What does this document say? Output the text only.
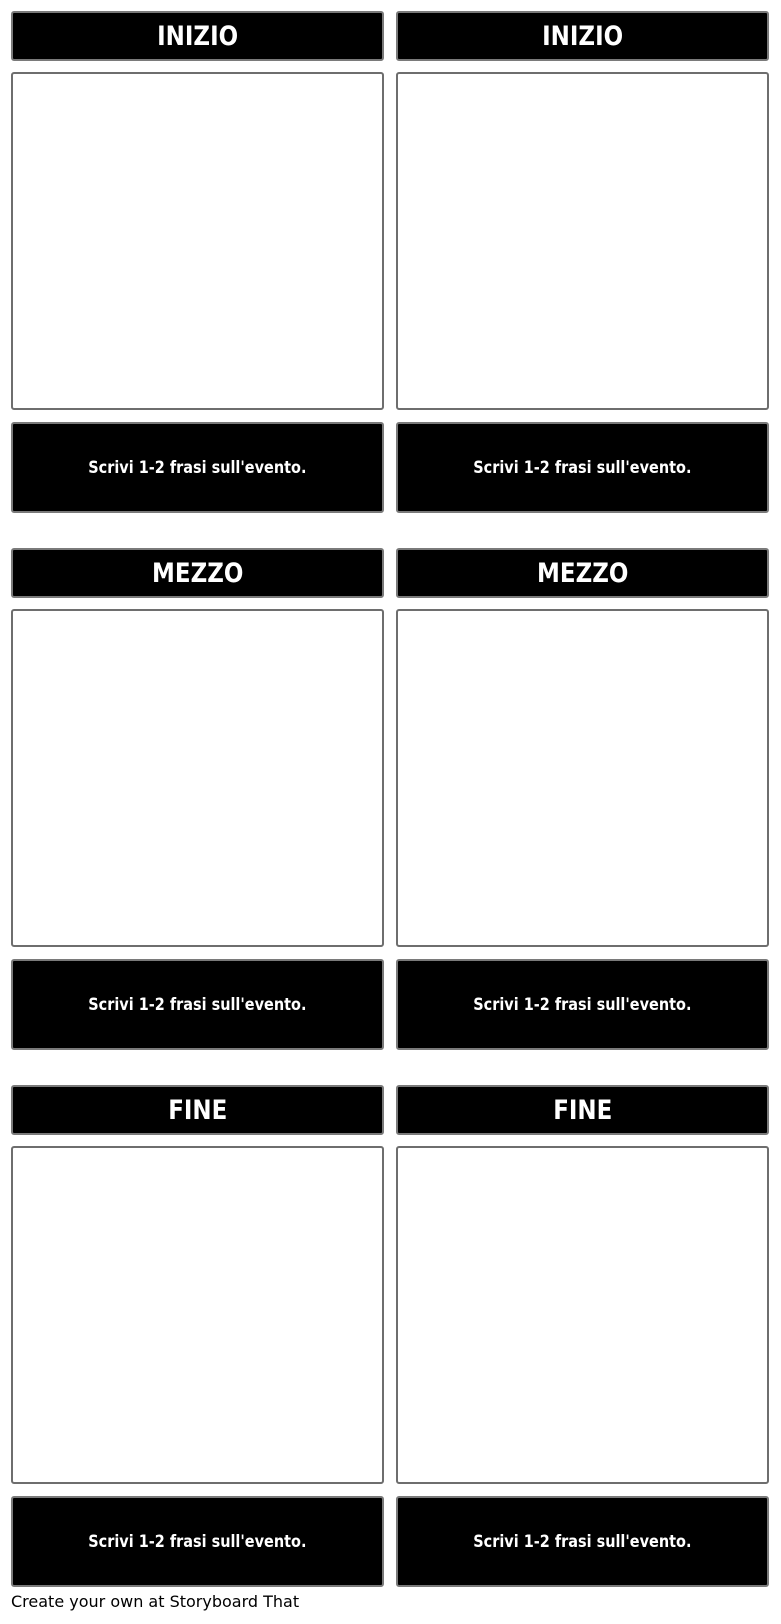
INIZIO
Scrivi 1-2 frasi sull'evento.
INIZIO
Scrivi 1-2 frasi sull'evento.
MEZZO
Scrivi 1-2 frasi sull'evento.
MEZZO
Scrivi 1-2 frasi sull'evento.
FINE
Scrivi 1-2 frasi sull'evento.
FINE
Scrivi 1-2 frasi sull'evento.
Create your own at Storyboard That
